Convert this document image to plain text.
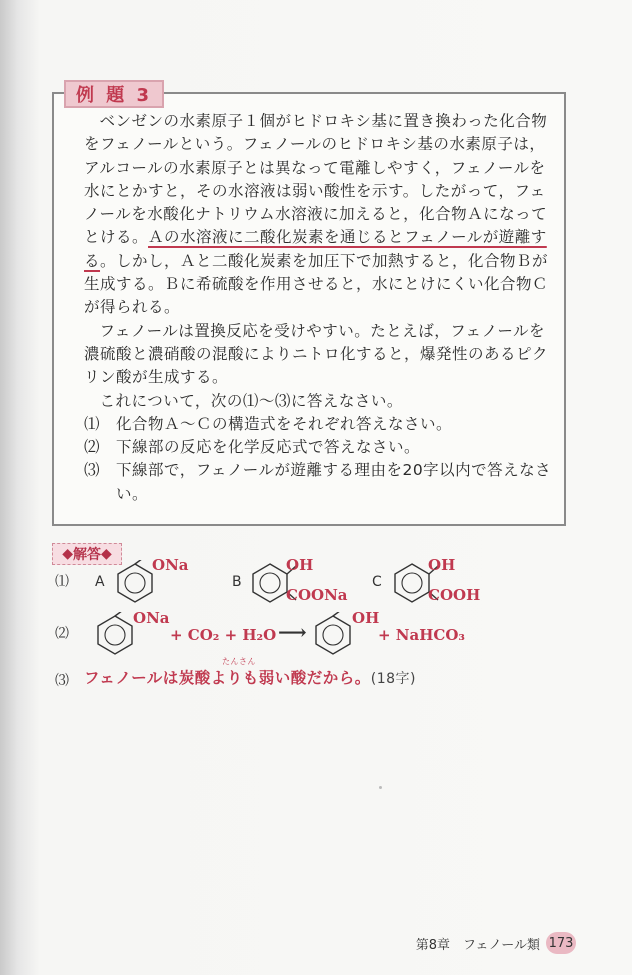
例 題 3

ベンゼンの水素原子１個がヒドロキシ基に置き換わった化合物をフェノールという。フェノールのヒドロキシ基の水素原子は，アルコールの水素原子とは異なって電離しやすく，フェノールを水にとかすと，その水溶液は弱い酸性を示す。したがって，フェノールを水酸化ナトリウム水溶液に加えると，化合物Ａになってとける。Ａの水溶液に二酸化炭素を通じるとフェノールが遊離する。しかし，Ａと二酸化炭素を加圧下で加熱すると，化合物Ｂが生成する。Ｂに希硫酸を作用させると，水にとけにくい化合物Ｃが得られる。

フェノールは置換反応を受けやすい。たとえば，フェノールを濃硫酸と濃硝酸の混酸によりニトロ化すると，爆発性のあるピクリン酸が生成する。

これについて，次の⑴〜⑶に答えなさい。

⑴	化合物Ａ～Ｃの構造式をそれぞれ答えなさい。
⑵	下線部の反応を化学反応式で答えなさい。
⑶	下線部で，フェノールが遊離する理由を20字以内で答えなさい。
◆ 解答 ◆
⑴ A
ONa
B
OH
COONa
C
OH
COOH
⑵
ONa
+ CO₂ + H₂O ⟶
OH
+ NaHCO₃
⑶
たんさん
フェノールは炭酸よりも弱い酸だから。(18字)
第8章　フェノール類 173
